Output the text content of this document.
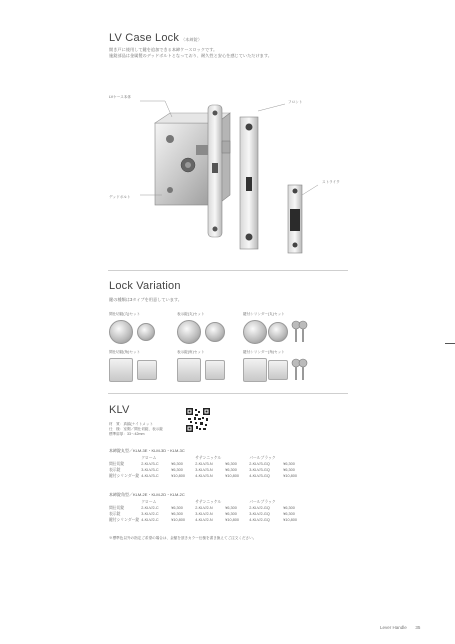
LV Case Lock （本締錠）
開き戸に使用して鍵を追加できる本締ケースロックです。
施錠部品は金属製のデッドボルトとなっており、耐久性と安心を感じていただけます。
LVケース本体
フロント
ストライク
デッドボルト
Lock Variation
鍵の種類は3タイプを用意しています。
間仕切錠(丸)セット	表示錠(丸)セット	鍵付シリンダー(丸)セット
間仕切錠(角)セット	表示錠(角)セット	鍵付シリンダー(角)セット
KLV
材　質：真鍮(ナイトメット
仕　様：室側／間仕切錠、表示錠
標準扉厚：33～42mm
本締錠丸型／KLM-3E・KLM-3D・KLM-3C
	クローム		サテンニッケル		パールブラック	
間仕切錠	2-KLV/3-C	¥6,300	2-KLV/3-N	¥6,300	2-KLV/3-GQ	¥6,300
表示錠	3-KLV/3-C	¥6,300	3-KLV/3-N	¥6,300	3-KLV/3-GQ	¥6,300
鍵付シリンダー錠	4-KLV/3-C	¥10,800	4-KLV/3-N	¥10,800	4-KLV/3-GQ	¥10,800
本締錠角型／KLM-2E・KLM-2D・KLM-2C
	クローム		サテンニッケル		パールブラック	
間仕切錠	2-KLV/2-C	¥6,300	2-KLV/2-N	¥6,300	2-KLV/2-GQ	¥6,300
表示錠	3-KLV/2-C	¥6,300	3-KLV/2-N	¥6,300	3-KLV/2-GQ	¥6,300
鍵付シリンダー錠	4-KLV/2-C	¥10,800	4-KLV/2-N	¥10,800	4-KLV/2-GQ	¥10,800
※標準色以外の指定ご希望の場合は、金額を頂きカラー仕様を書き換えてご注文ください。
Lever Handle 35
